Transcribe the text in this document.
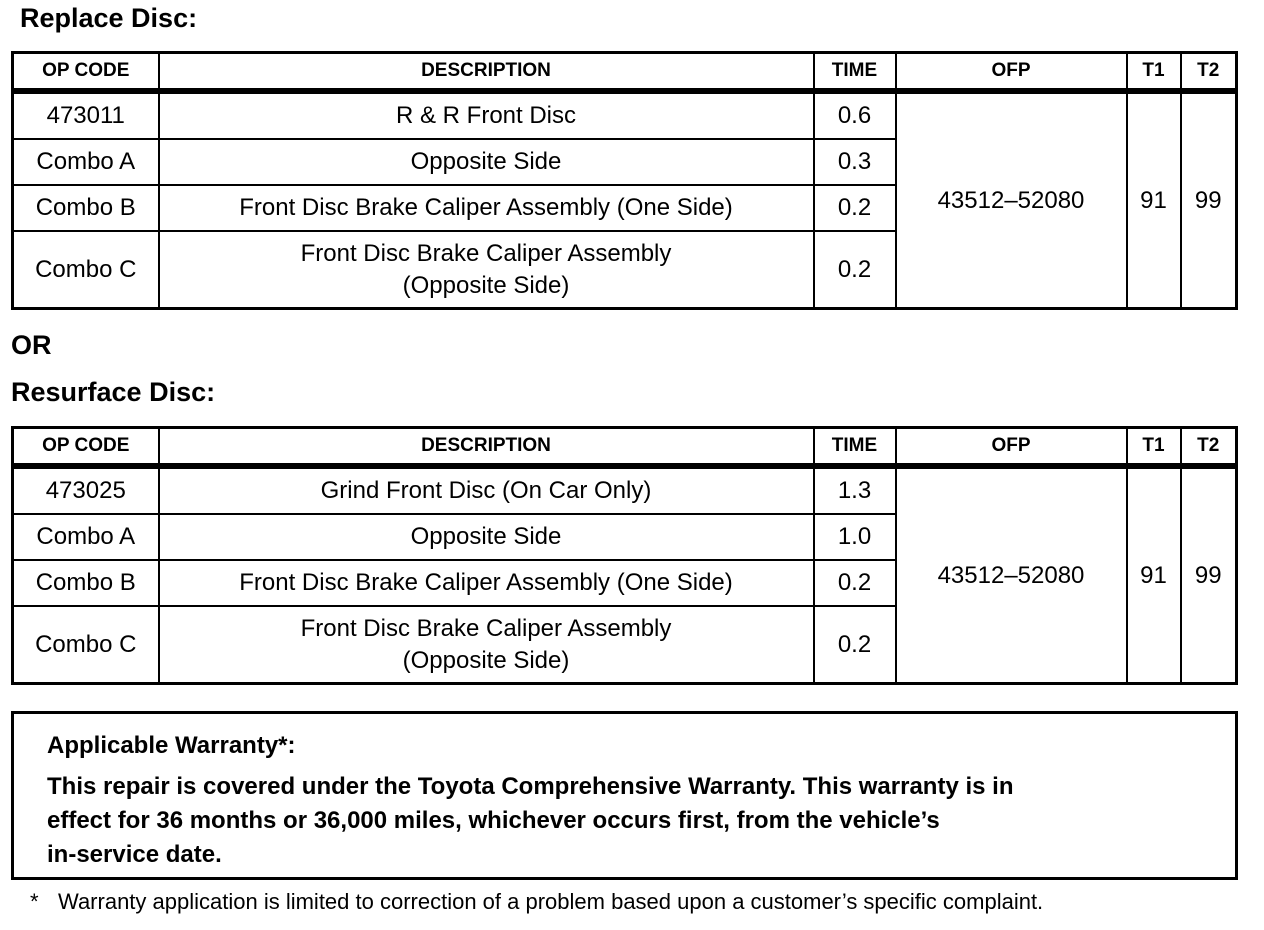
Replace Disc:
OP CODE	DESCRIPTION	TIME	OFP	T1	T2
473011	R & R Front Disc	0.6	43512–52080	91	99
Combo A	Opposite Side	0.3			
Combo B	Front Disc Brake Caliper Assembly (One Side)	0.2			
Combo C	Front Disc Brake Caliper Assembly
(Opposite Side)	0.2			
OR
Resurface Disc:
OP CODE	DESCRIPTION	TIME	OFP	T1	T2
473025	Grind Front Disc (On Car Only)	1.3	43512–52080	91	99
Combo A	Opposite Side	1.0			
Combo B	Front Disc Brake Caliper Assembly (One Side)	0.2			
Combo C	Front Disc Brake Caliper Assembly
(Opposite Side)	0.2			
Applicable Warranty*:
This repair is covered under the Toyota Comprehensive Warranty. This warranty is in
effect for 36 months or 36,000 miles, whichever occurs first, from the vehicle’s
in-service date.
* Warranty application is limited to correction of a problem based upon a customer’s specific complaint.
